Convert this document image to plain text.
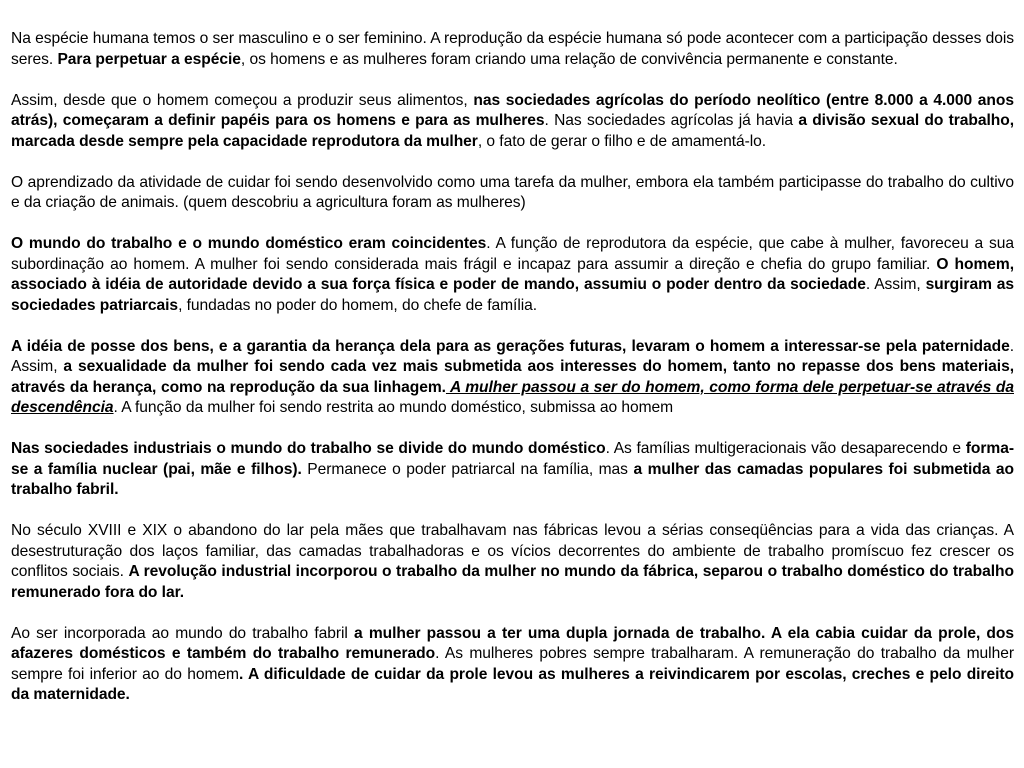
Na espécie humana temos o ser masculino e o ser feminino. A reprodução da espécie humana só pode acontecer com a participação desses dois seres. Para perpetuar a espécie, os homens e as mulheres foram criando uma relação de convivência permanente e constante.

Assim, desde que o homem começou a produzir seus alimentos, nas sociedades agrícolas do período neolítico (entre 8.000 a 4.000 anos atrás), começaram a definir papéis para os homens e para as mulheres. Nas sociedades agrícolas já havia a divisão sexual do trabalho, marcada desde sempre pela capacidade reprodutora da mulher, o fato de gerar o filho e de amamentá-lo.

O aprendizado da atividade de cuidar foi sendo desenvolvido como uma tarefa da mulher, embora ela também participasse do trabalho do cultivo e da criação de animais. (quem descobriu a agricultura foram as mulheres)

O mundo do trabalho e o mundo doméstico eram coincidentes. A função de reprodutora da espécie, que cabe à mulher, favoreceu a sua subordinação ao homem. A mulher foi sendo considerada mais frágil e incapaz para assumir a direção e chefia do grupo familiar. O homem, associado à idéia de autoridade devido a sua força física e poder de mando, assumiu o poder dentro da sociedade. Assim, surgiram as sociedades patriarcais, fundadas no poder do homem, do chefe de família.

A idéia de posse dos bens, e a garantia da herança dela para as gerações futuras, levaram o homem a interessar-se pela paternidade. Assim, a sexualidade da mulher foi sendo cada vez mais submetida aos interesses do homem, tanto no repasse dos bens materiais, através da herança, como na reprodução da sua linhagem. A mulher passou a ser do homem, como forma dele perpetuar-se através da descendência. A função da mulher foi sendo restrita ao mundo doméstico, submissa ao homem

Nas sociedades industriais o mundo do trabalho se divide do mundo doméstico. As famílias multigeracionais vão desaparecendo e forma-se a família nuclear (pai, mãe e filhos). Permanece o poder patriarcal na família, mas a mulher das camadas populares foi submetida ao trabalho fabril.

No século XVIII e XIX o abandono do lar pela mães que trabalhavam nas fábricas levou a sérias conseqüências para a vida das crianças. A desestruturação dos laços familiar, das camadas trabalhadoras e os vícios decorrentes do ambiente de trabalho promíscuo fez crescer os conflitos sociais. A revolução industrial incorporou o trabalho da mulher no mundo da fábrica, separou o trabalho doméstico do trabalho remunerado fora do lar.

Ao ser incorporada ao mundo do trabalho fabril a mulher passou a ter uma dupla jornada de trabalho. A ela cabia cuidar da prole, dos afazeres domésticos e também do trabalho remunerado. As mulheres pobres sempre trabalharam. A remuneração do trabalho da mulher sempre foi inferior ao do homem. A dificuldade de cuidar da prole levou as mulheres a reivindicarem por escolas, creches e pelo direito da maternidade.
